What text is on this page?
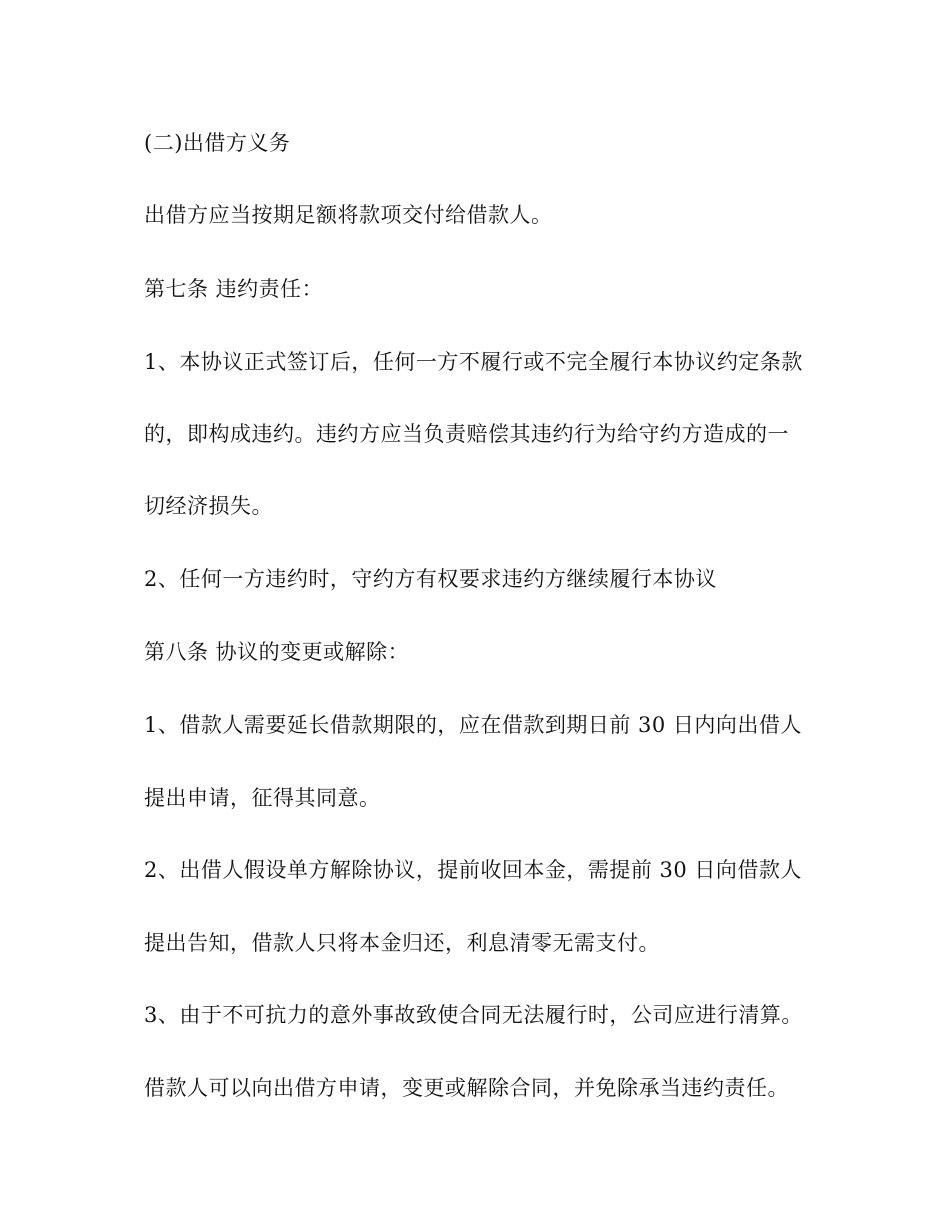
(二)出借方义务
出借方应当按期足额将款项交付给借款人。
第七条 违约责任：
1、本协议正式签订后，任何一方不履行或不完全履行本协议约定条款
的，即构成违约。违约方应当负责赔偿其违约行为给守约方造成的一
切经济损失。
2、任何一方违约时，守约方有权要求违约方继续履行本协议
第八条 协议的变更或解除：
1、借款人需要延长借款期限的，应在借款到期日前 30 日内向出借人
提出申请，征得其同意。
2、出借人假设单方解除协议，提前收回本金，需提前 30 日向借款人
提出告知，借款人只将本金归还，利息清零无需支付。
3、由于不可抗力的意外事故致使合同无法履行时，公司应进行清算。
借款人可以向出借方申请，变更或解除合同，并免除承当违约责任。
